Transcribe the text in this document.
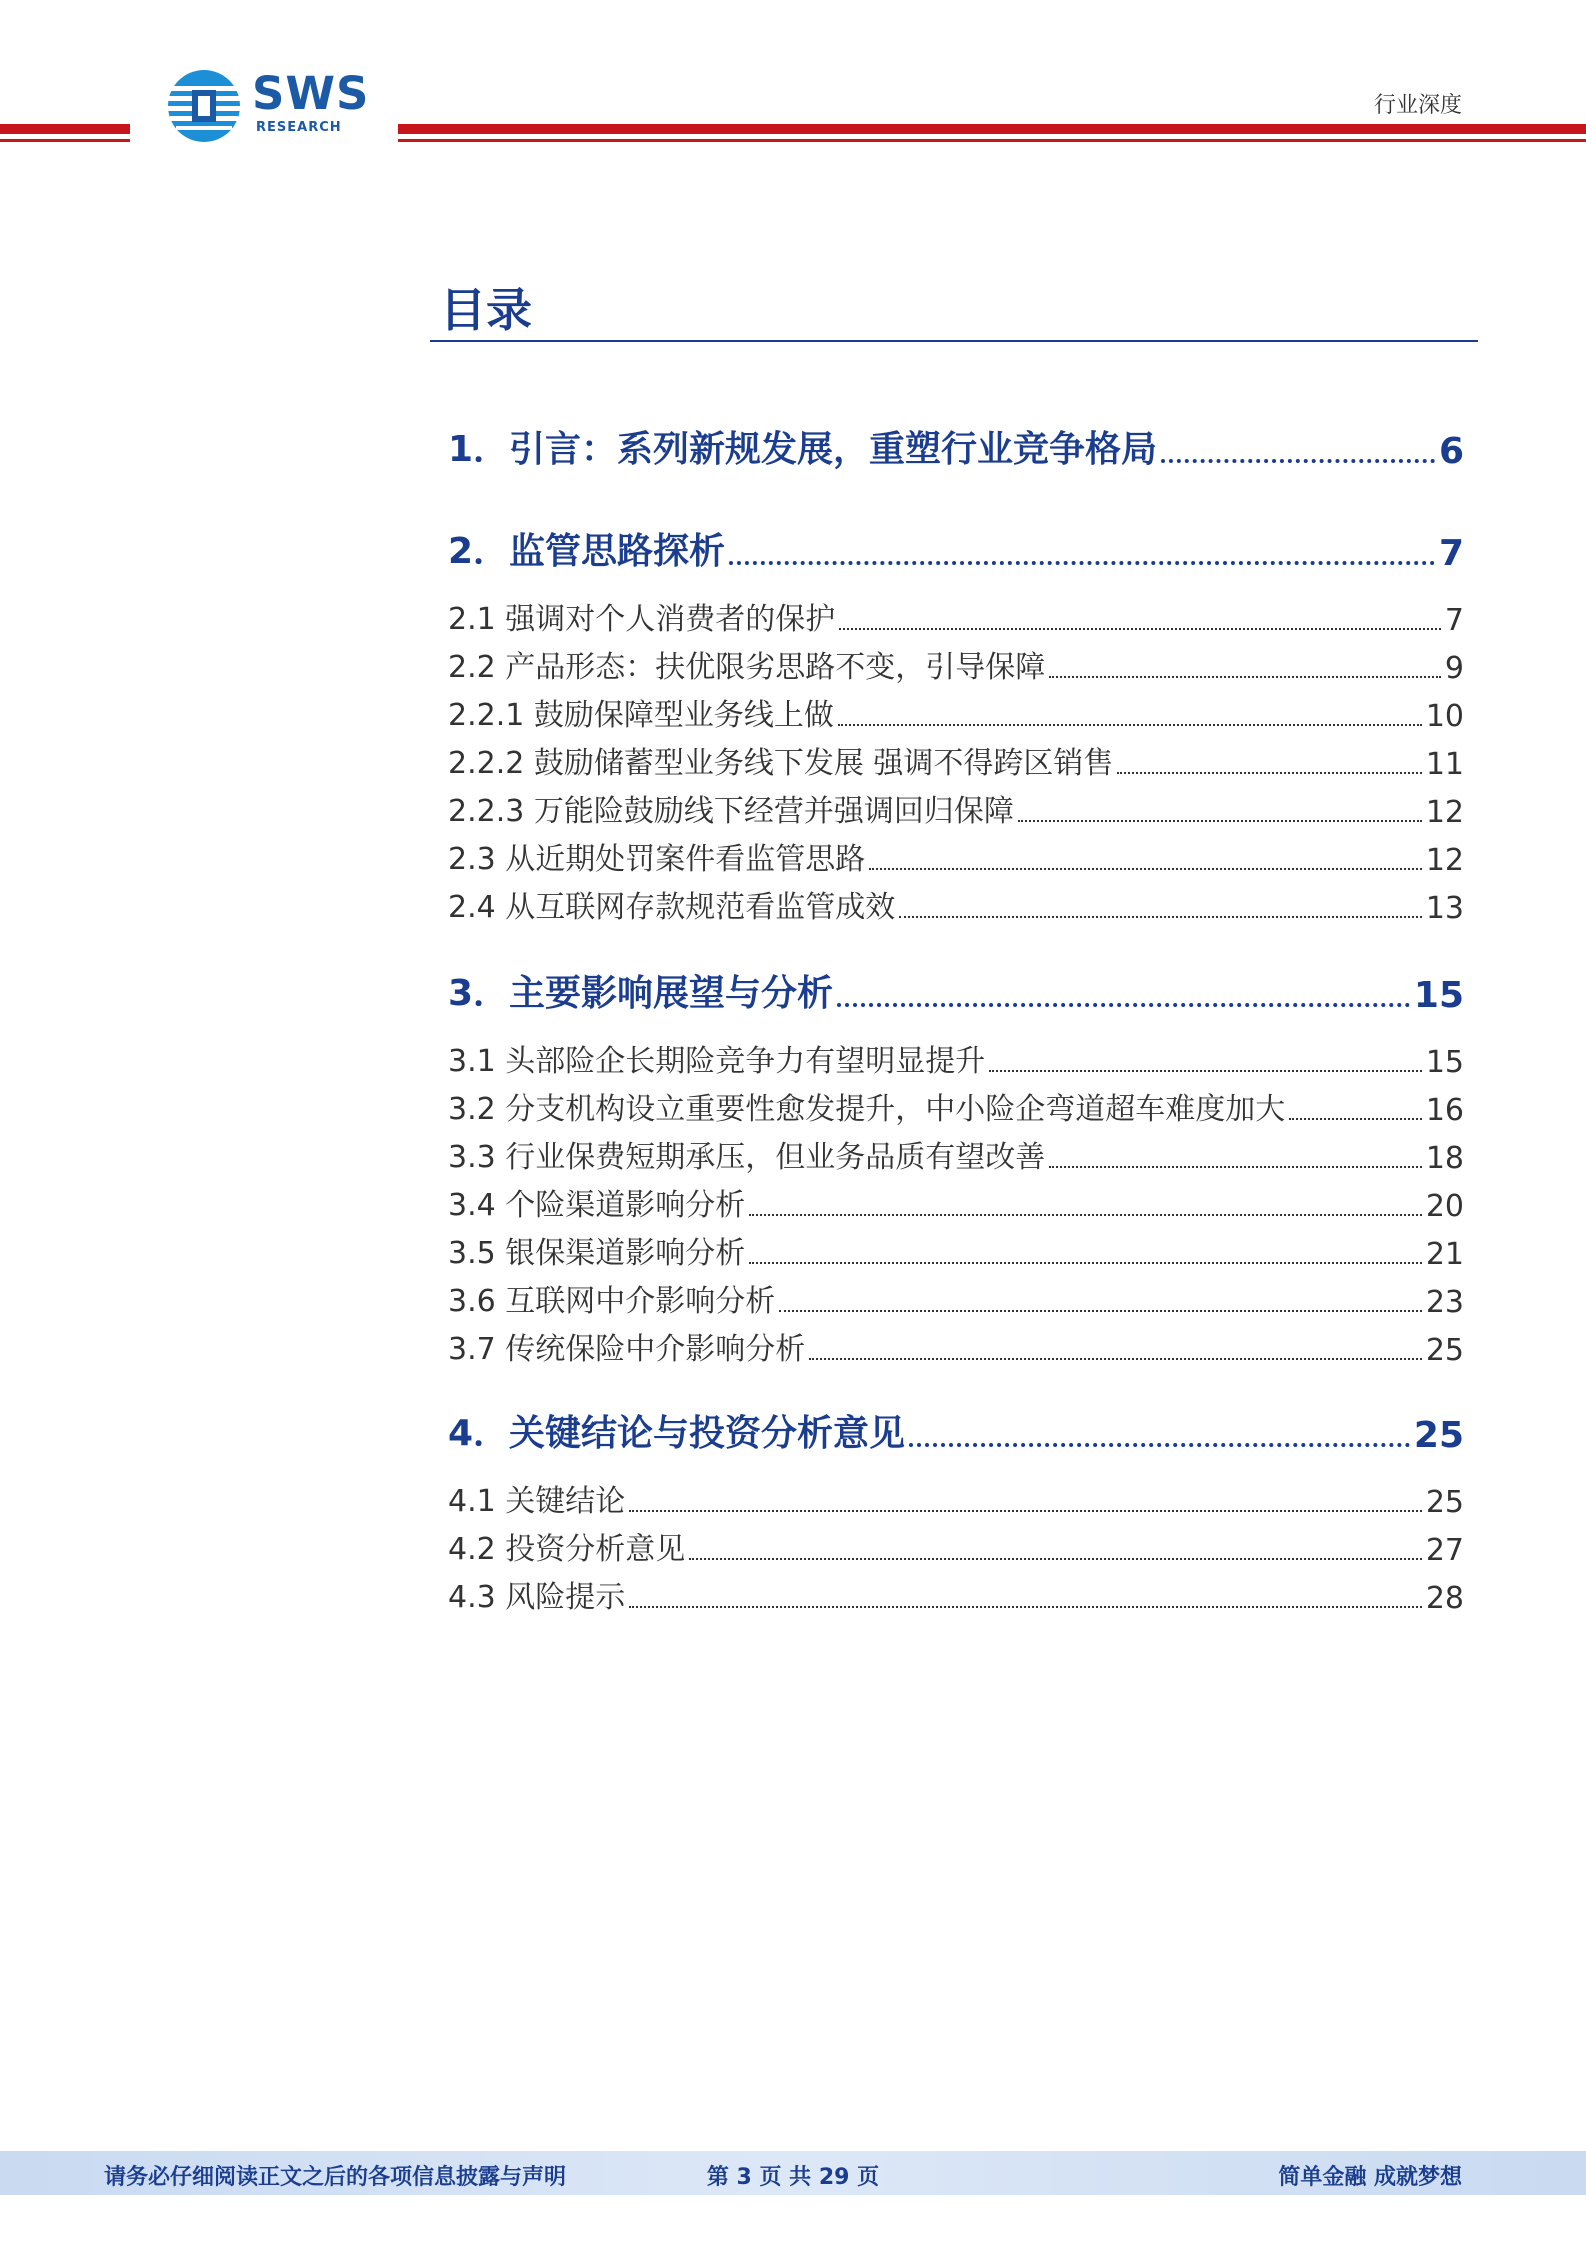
SWS
RESEARCH
行业深度
目录
1．引言：系列新规发展，重塑行业竞争格局	6
2．监管思路探析	7
2.1 强调对个人消费者的保护	7
2.2 产品形态：扶优限劣思路不变，引导保障	9
2.2.1 鼓励保障型业务线上做	10
2.2.2 鼓励储蓄型业务线下发展 强调不得跨区销售	11
2.2.3 万能险鼓励线下经营并强调回归保障	12
2.3 从近期处罚案件看监管思路	12
2.4 从互联网存款规范看监管成效	13
3．主要影响展望与分析	15
3.1 头部险企长期险竞争力有望明显提升	15
3.2 分支机构设立重要性愈发提升，中小险企弯道超车难度加大	16
3.3 行业保费短期承压，但业务品质有望改善	18
3.4 个险渠道影响分析	20
3.5 银保渠道影响分析	21
3.6 互联网中介影响分析	23
3.7 传统保险中介影响分析	25
4．关键结论与投资分析意见	25
4.1 关键结论	25
4.2 投资分析意见	27
4.3 风险提示	28
请务必仔细阅读正文之后的各项信息披露与声明	第 3 页 共 29 页	简单金融 成就梦想
